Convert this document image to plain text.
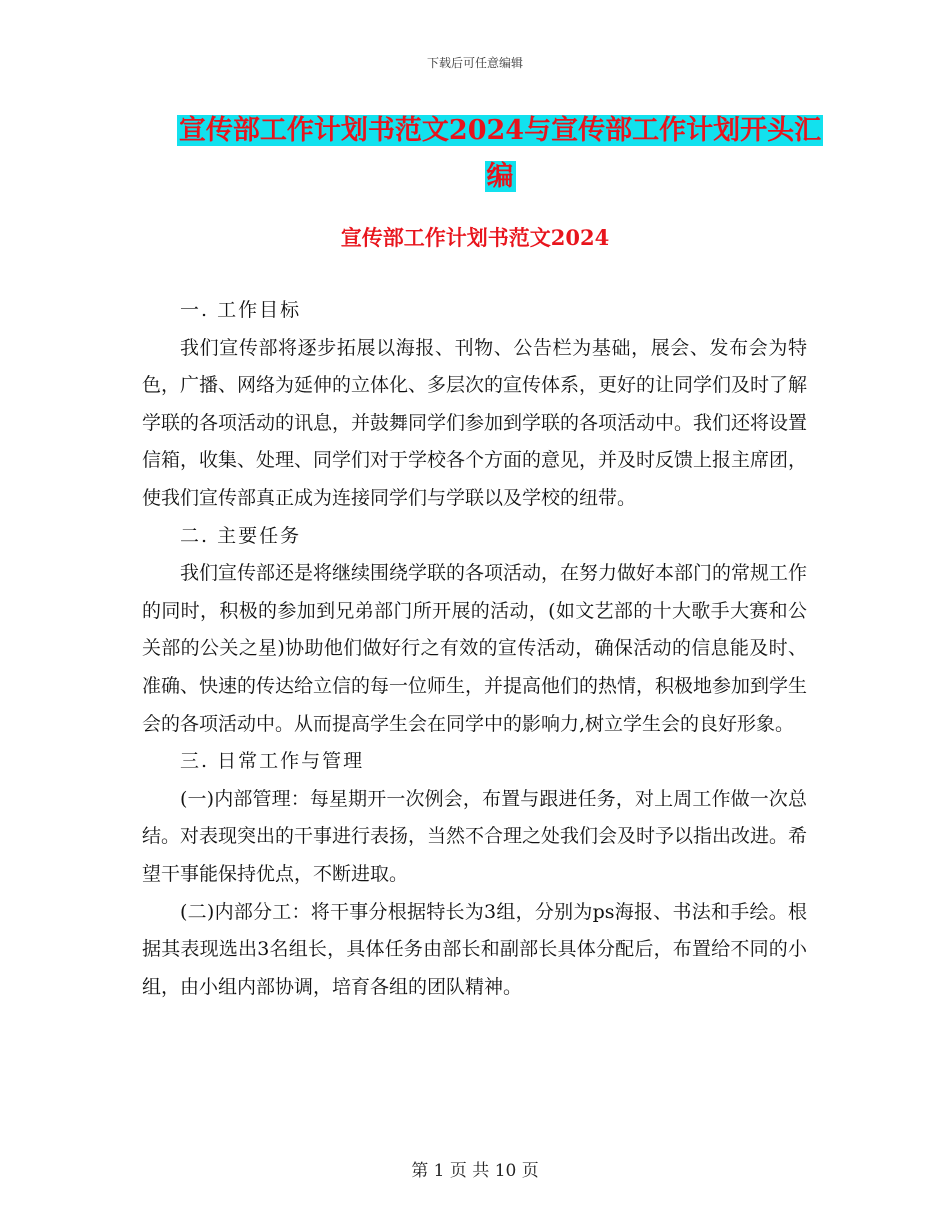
下载后可任意编辑
宣传部工作计划书范文2024与宣传部工作计划开头汇
编
宣传部工作计划书范文2024

一. 工作目标

我们宣传部将逐步拓展以海报、刊物、公告栏为基础，展会、发布会为特色，广播、网络为延伸的立体化、多层次的宣传体系，更好的让同学们及时了解学联的各项活动的讯息，并鼓舞同学们参加到学联的各项活动中。我们还将设置信箱，收集、处理、同学们对于学校各个方面的意见，并及时反馈上报主席团，使我们宣传部真正成为连接同学们与学联以及学校的纽带。

二. 主要任务

我们宣传部还是将继续围绕学联的各项活动，在努力做好本部门的常规工作的同时，积极的参加到兄弟部门所开展的活动，(如文艺部的十大歌手大赛和公关部的公关之星)协助他们做好行之有效的宣传活动，确保活动的信息能及时、准确、快速的传达给立信的每一位师生，并提高他们的热情，积极地参加到学生会的各项活动中。从而提高学生会在同学中的影响力,树立学生会的良好形象。

三. 日常工作与管理

(一)内部管理：每星期开一次例会，布置与跟进任务，对上周工作做一次总结。对表现突出的干事进行表扬，当然不合理之处我们会及时予以指出改进。希望干事能保持优点，不断进取。

(二)内部分工：将干事分根据特长为3组，分别为ps海报、书法和手绘。根据其表现选出3名组长，具体任务由部长和副部长具体分配后，布置给不同的小组，由小组内部协调，培育各组的团队精神。

第 1 页 共 10 页
